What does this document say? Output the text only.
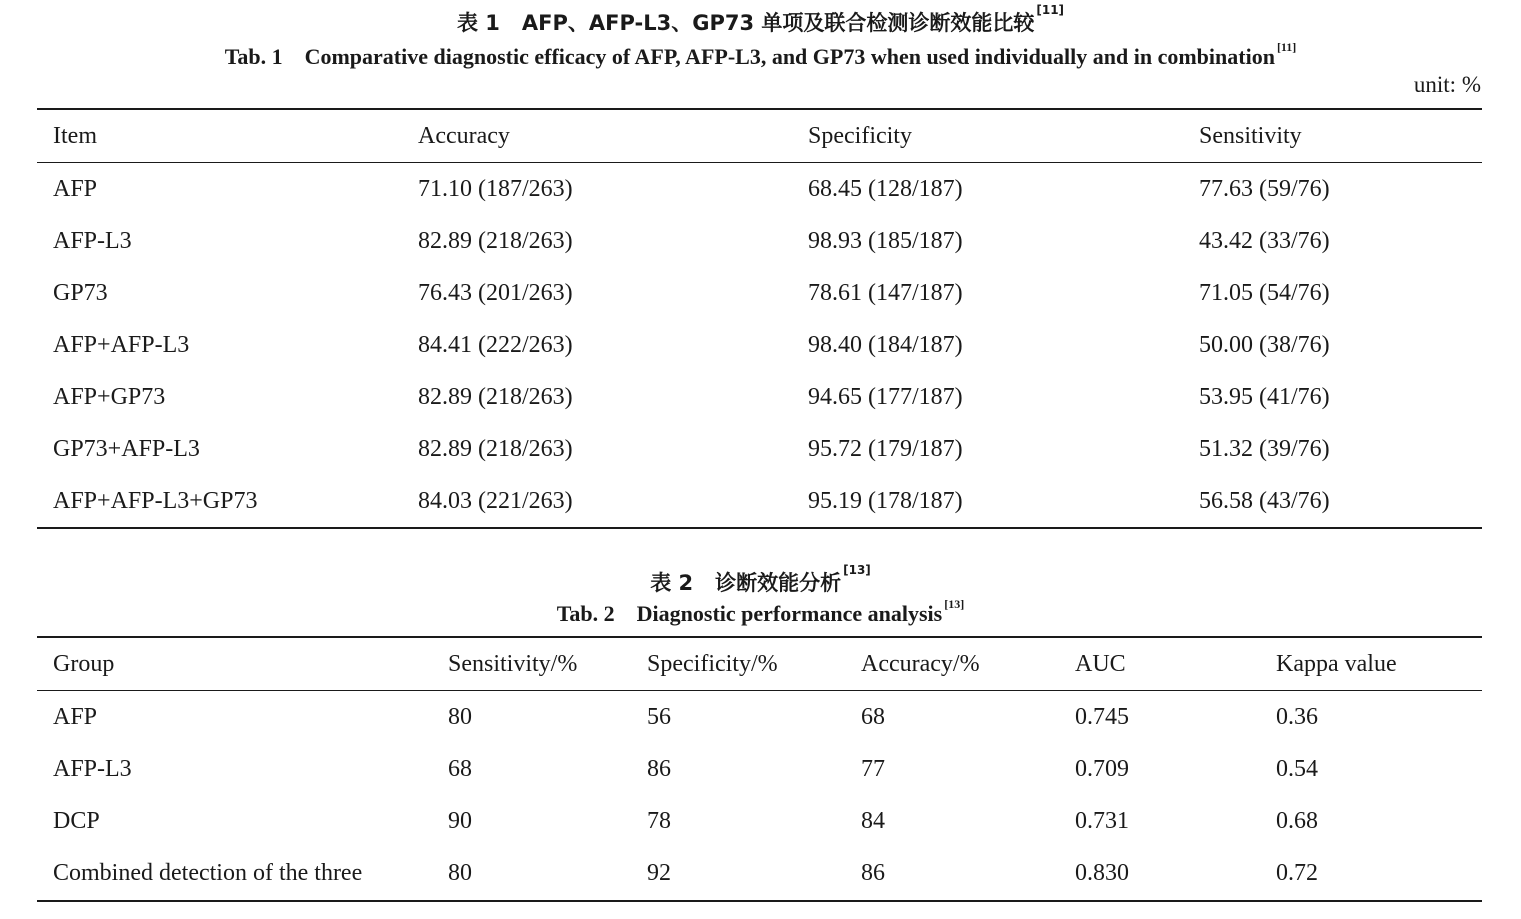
表 1 AFP、AFP-L3、GP73 单项及联合检测诊断效能比较[11]
Tab. 1 Comparative diagnostic efficacy of AFP, AFP-L3, and GP73 when used individually and in combination [11]
unit: %
Item	Accuracy	Specificity	Sensitivity
AFP	71.10 (187/263)	68.45 (128/187)	77.63 (59/76)
AFP-L3	82.89 (218/263)	98.93 (185/187)	43.42 (33/76)
GP73	76.43 (201/263)	78.61 (147/187)	71.05 (54/76)
AFP+AFP-L3	84.41 (222/263)	98.40 (184/187)	50.00 (38/76)
AFP+GP73	82.89 (218/263)	94.65 (177/187)	53.95 (41/76)
GP73+AFP-L3	82.89 (218/263)	95.72 (179/187)	51.32 (39/76)
AFP+AFP-L3+GP73	84.03 (221/263)	95.19 (178/187)	56.58 (43/76)
表 2 诊断效能分析[13]
Tab. 2 Diagnostic performance analysis [13]
Group	Sensitivity/%	Specificity/%	Accuracy/%	AUC	Kappa value
AFP	80	56	68	0.745	0.36
AFP-L3	68	86	77	0.709	0.54
DCP	90	78	84	0.731	0.68
Combined detection of the three	80	92	86	0.830	0.72
